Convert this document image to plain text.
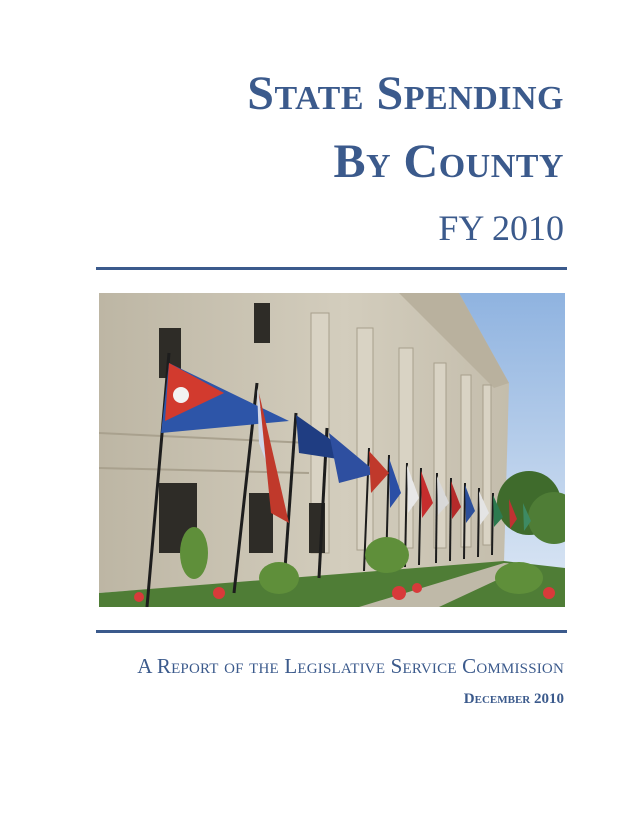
State Spending
By County
FY 2010
A Report of the Legislative Service Commission
December 2010
